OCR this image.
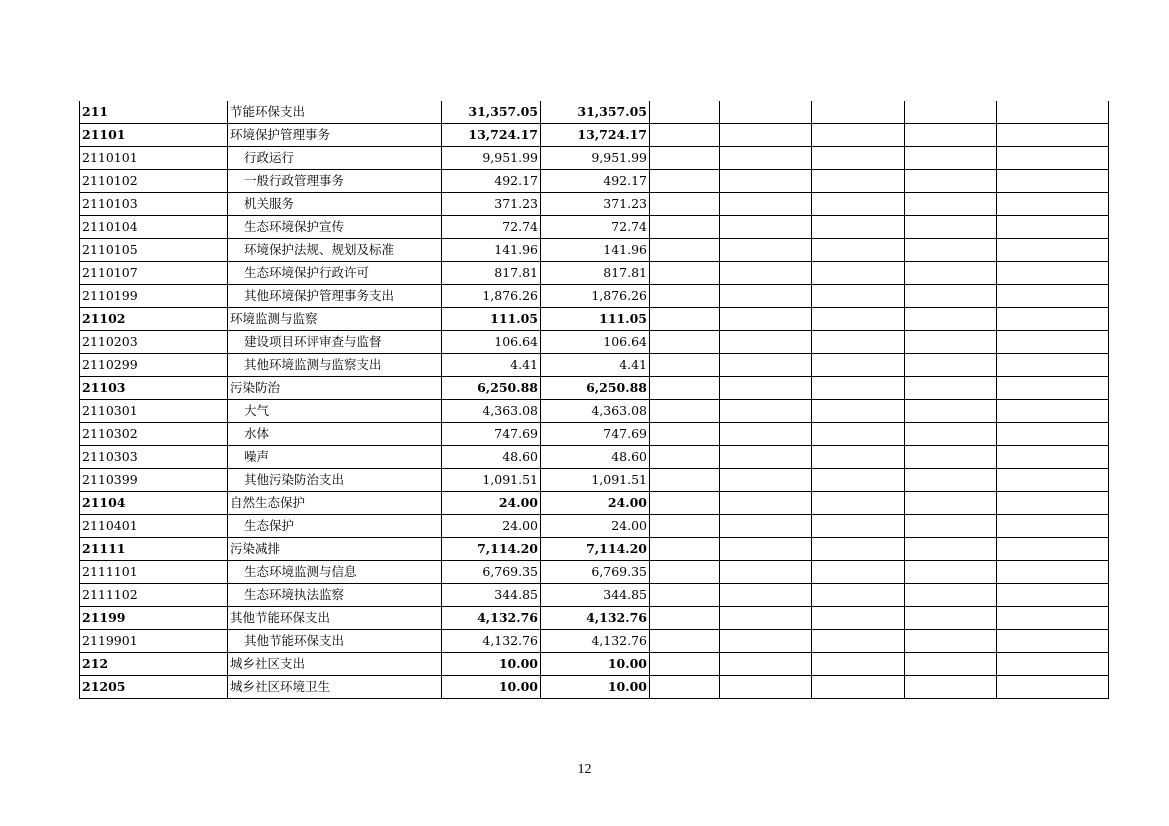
211	节能环保支出	31,357.05	31,357.05						
21101	环境保护管理事务	13,724.17	13,724.17						
2110101	行政运行	9,951.99	9,951.99						
2110102	一般行政管理事务	492.17	492.17						
2110103	机关服务	371.23	371.23						
2110104	生态环境保护宣传	72.74	72.74						
2110105	环境保护法规、规划及标准	141.96	141.96						
2110107	生态环境保护行政许可	817.81	817.81						
2110199	其他环境保护管理事务支出	1,876.26	1,876.26						
21102	环境监测与监察	111.05	111.05						
2110203	建设项目环评审查与监督	106.64	106.64						
2110299	其他环境监测与监察支出	4.41	4.41						
21103	污染防治	6,250.88	6,250.88						
2110301	大气	4,363.08	4,363.08						
2110302	水体	747.69	747.69						
2110303	噪声	48.60	48.60						
2110399	其他污染防治支出	1,091.51	1,091.51						
21104	自然生态保护	24.00	24.00						
2110401	生态保护	24.00	24.00						
21111	污染减排	7,114.20	7,114.20						
2111101	生态环境监测与信息	6,769.35	6,769.35						
2111102	生态环境执法监察	344.85	344.85						
21199	其他节能环保支出	4,132.76	4,132.76						
2119901	其他节能环保支出	4,132.76	4,132.76						
212	城乡社区支出	10.00	10.00						
21205	城乡社区环境卫生	10.00	10.00						
12
